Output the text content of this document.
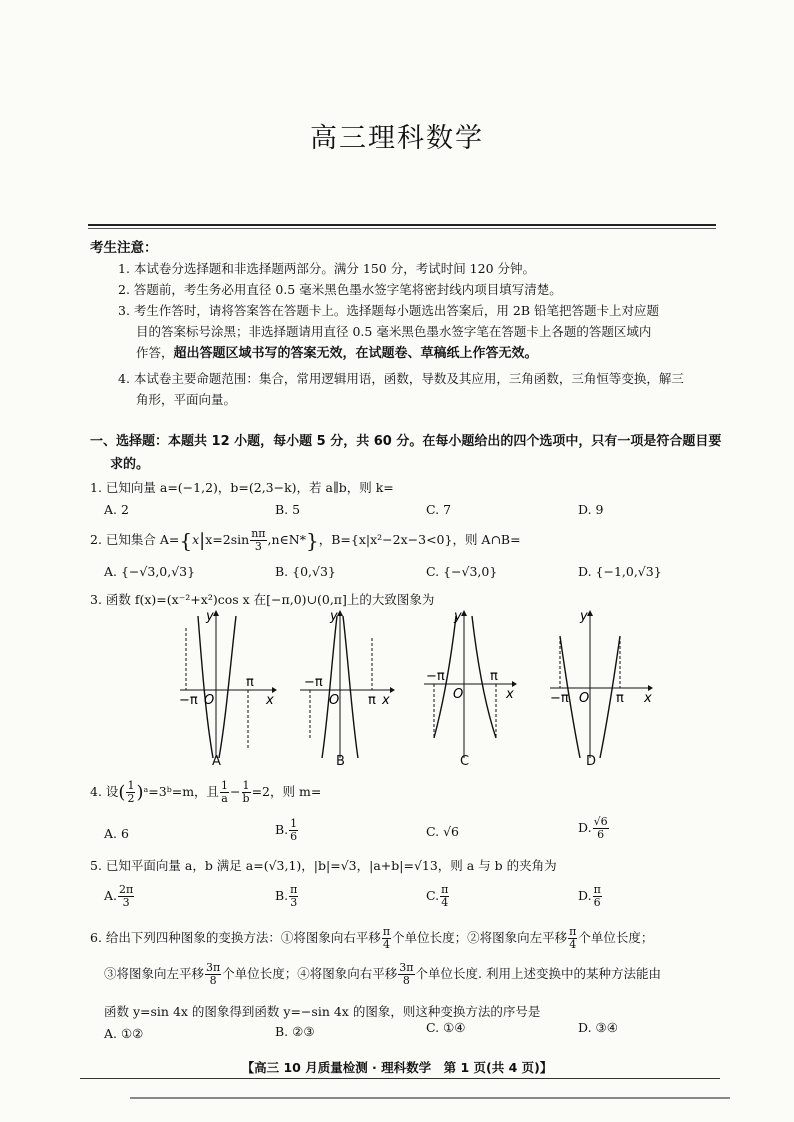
高三理科数学
考生注意：
1. 本试卷分选择题和非选择题两部分。满分 150 分，考试时间 120 分钟。
2. 答题前，考生务必用直径 0.5 毫米黑色墨水签字笔将密封线内项目填写清楚。
3. 考生作答时，请将答案答在答题卡上。选择题每小题选出答案后，用 2B 铅笔把答题卡上对应题
目的答案标号涂黑；非选择题请用直径 0.5 毫米黑色墨水签字笔在答题卡上各题的答题区域内
作答，超出答题区域书写的答案无效，在试题卷、草稿纸上作答无效。
4. 本试卷主要命题范围：集合，常用逻辑用语，函数，导数及其应用，三角函数，三角恒等变换，解三
角形，平面向量。
一、选择题：本题共 12 小题，每小题 5 分，共 60 分。在每小题给出的四个选项中，只有一项是符合题目要
求的。
1. 已知向量 a=(−1,2)，b=(2,3−k)，若 a∥b，则 k=
A. 2	B. 5	C. 7	D. 9
2. 已知集合 $A=\{x|x=2\sin \frac{n\pi}{3}$ ,n∈N*}，B={x|x²−2x−3<0}，则 A∩B=
A. {−√3,0,√3}	B. {0,√3}	C. {−√3,0}	D. {−1,0,√3}
3. 函数 f(x)=(x⁻²+x²)cos x 在[−π,0)∪(0,π]上的大致图象为
−π
π
x
y
O
A
−π
π x
y
O
B
−π	π
x
y
O
C
−π	π x
y
O
D
4. 设( $\frac{1}{2}$ )ᵃ=3ᵇ=m，且 $\frac{1}{a} - \frac{1}{b} =2$，则 m=
A. 6	B. $\frac{1}{6}$	C. √6	D. $\frac{√6}{6}$
5. 已知平面向量 a，b 满足 a=(√3,1)，|b|=√3，|a+b|=√13，则 a 与 b 的夹角为
A. $\frac{2\pi}{3}$	B. $\frac{\pi}{3}$	C. $\frac{\pi}{4}$	D. $\frac{\pi}{6}$
6. 给出下列四种图象的变换方法：①将图象向右平移 $\frac{\pi}{4}$ 个单位长度；②将图象向左平移 $\frac{\pi}{4}$ 个单位长度；
③将图象向左平移 $\frac{3\pi}{8}$ 个单位长度；④将图象向右平移 $\frac{3\pi}{8}$ 个单位长度. 利用上述变换中的某种方法能由
函数 y=sin 4x 的图象得到函数 y=−sin 4x 的图象，则这种变换方法的序号是
A. ①②	B. ②③	C. ①④	D. ③④
【高三 10 月质量检测 · 理科数学　第 1 页(共 4 页)】
